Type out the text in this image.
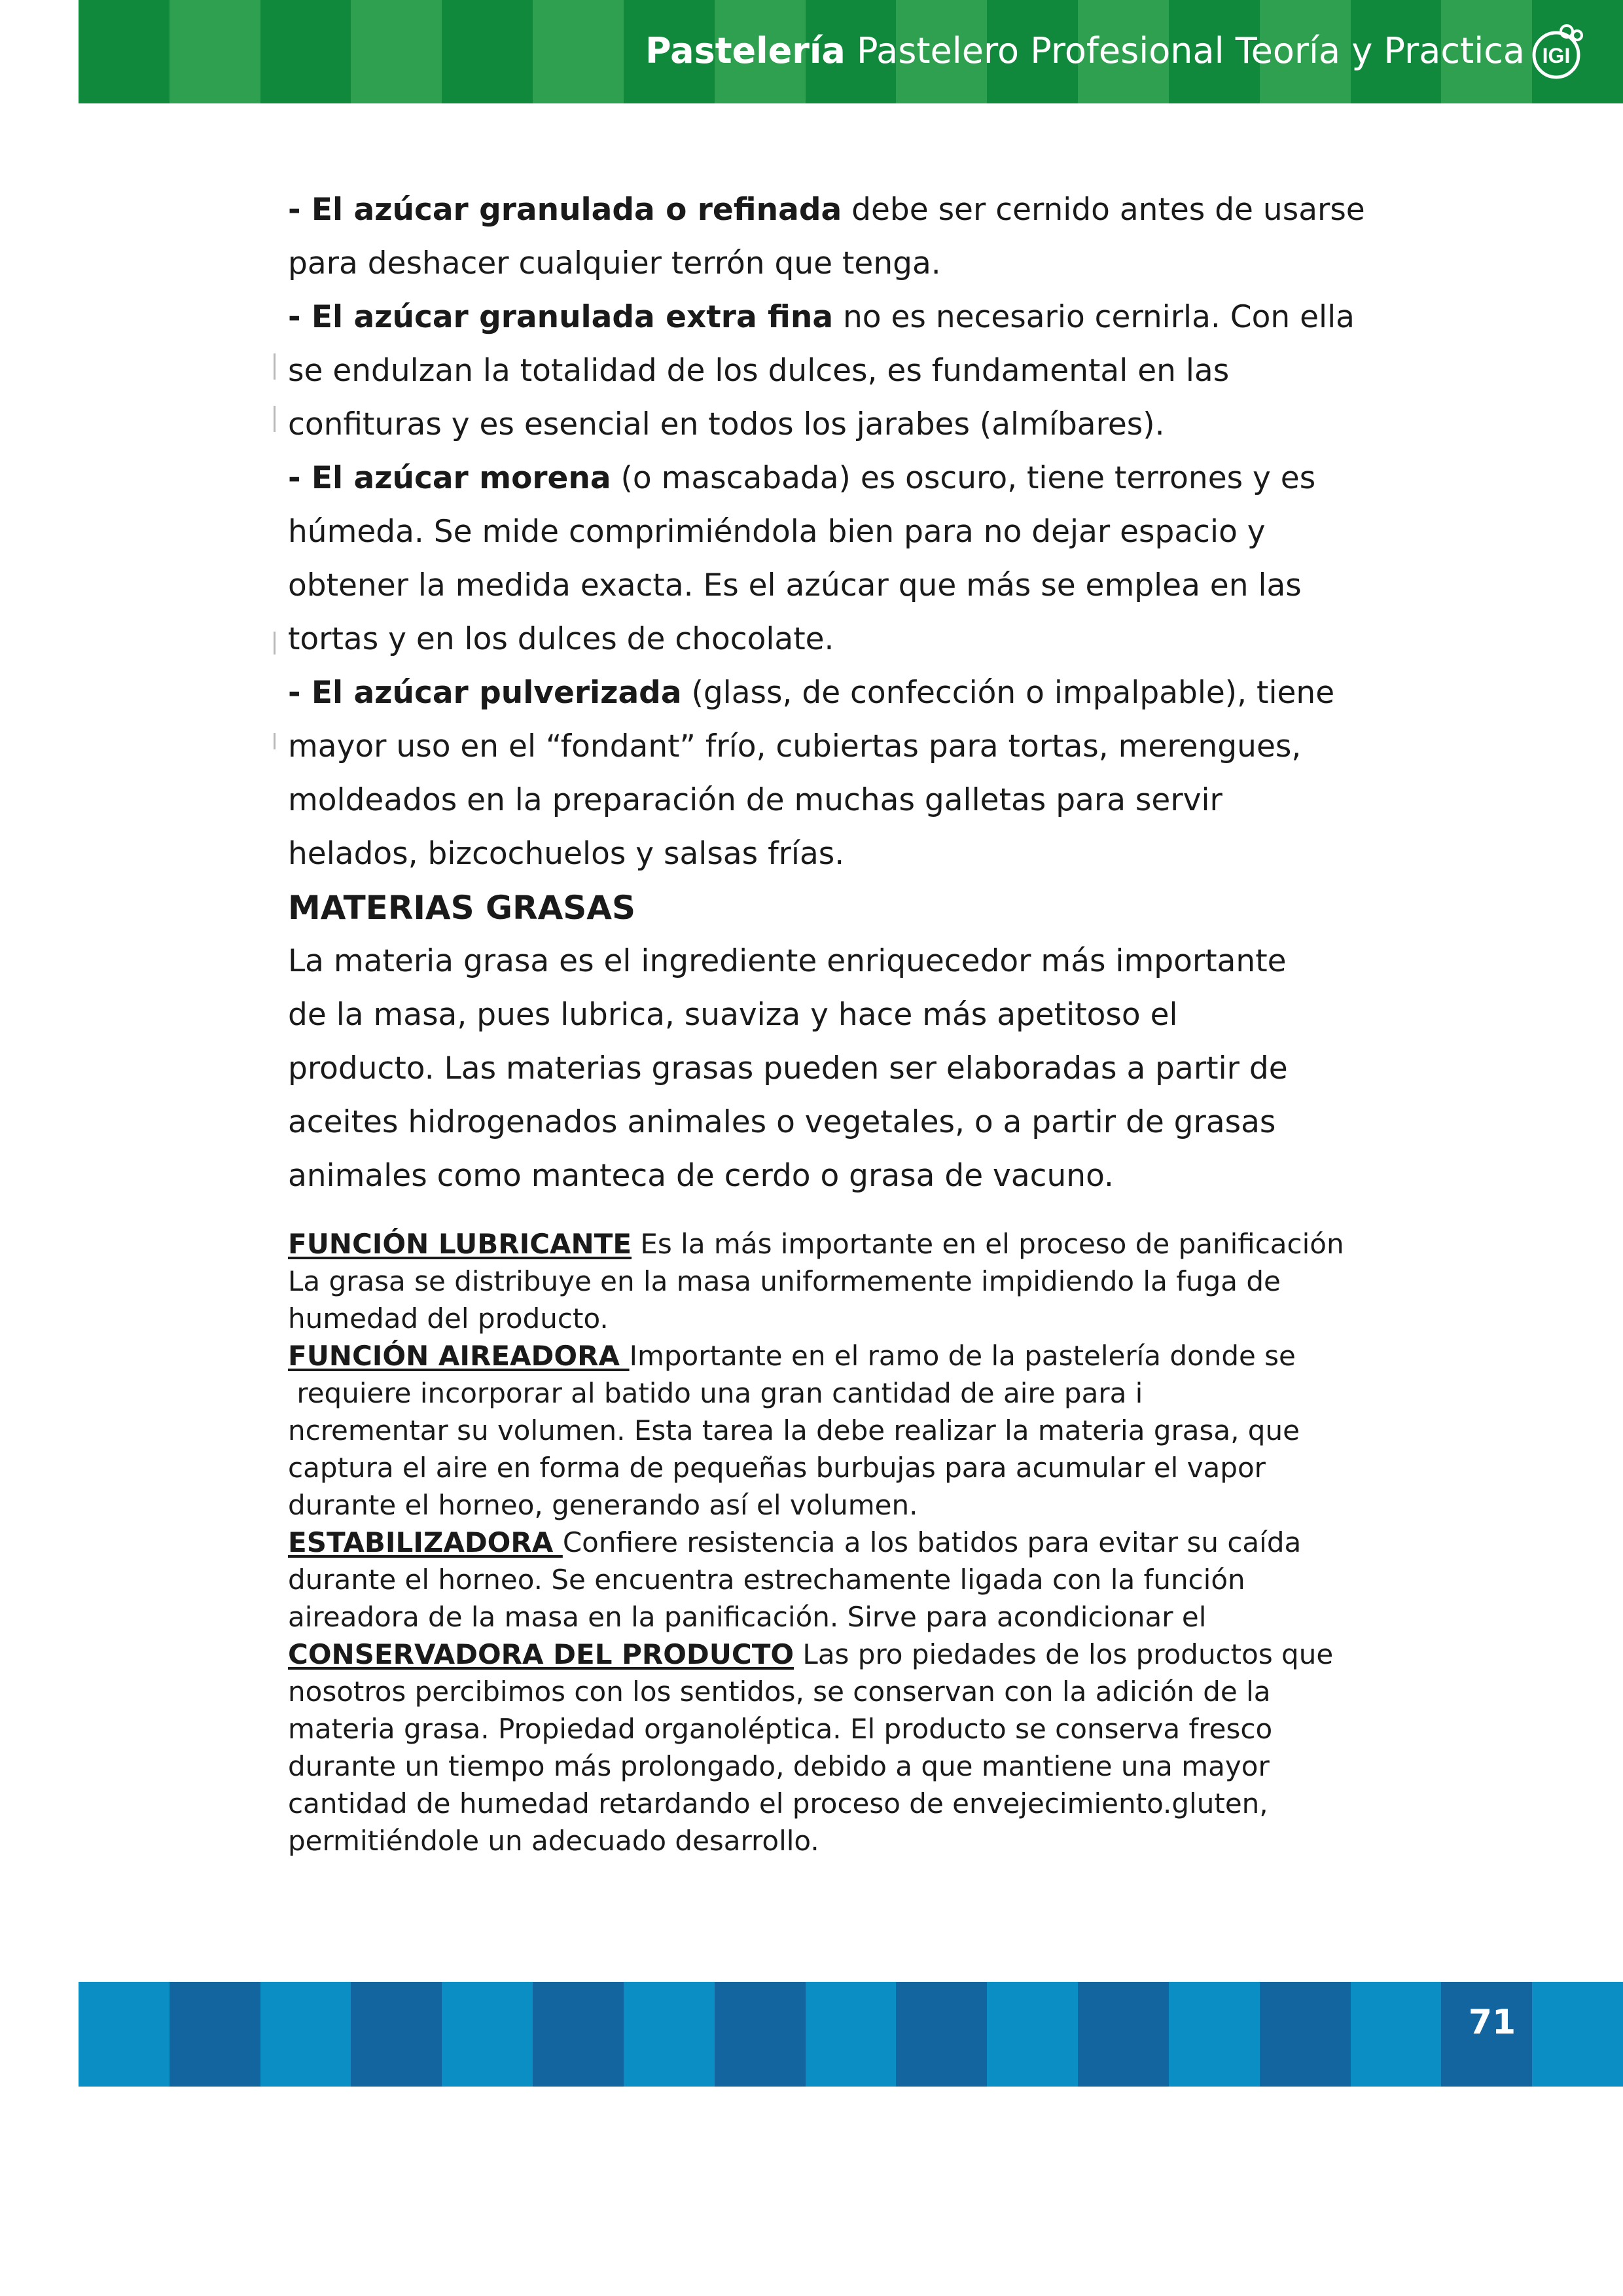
Pastelería Pastelero Profesional Teoría y Practica IGI

- El azúcar granulada o refinada debe ser cernido antes de usarse

para deshacer cualquier terrón que tenga.

- El azúcar granulada extra fina no es necesario cernirla. Con ella

se endulzan la totalidad de los dulces, es fundamental en las

confituras y es esencial en todos los jarabes (almíbares).

- El azúcar morena (o mascabada) es oscuro, tiene terrones y es

húmeda. Se mide comprimiéndola bien para no dejar espacio y

obtener la medida exacta. Es el azúcar que más se emplea en las

tortas y en los dulces de chocolate.

- El azúcar pulverizada (glass, de confección o impalpable), tiene

mayor uso en el “fondant” frío, cubiertas para tortas, merengues,

moldeados en la preparación de muchas galletas para servir

helados, bizcochuelos y salsas frías.

MATERIAS GRASAS

La materia grasa es el ingrediente enriquecedor más importante

de la masa, pues lubrica, suaviza y hace más apetitoso el

producto. Las materias grasas pueden ser elaboradas a partir de

aceites hidrogenados animales o vegetales, o a partir de grasas

animales como manteca de cerdo o grasa de vacuno.

FUNCIÓN LUBRICANTE Es la más importante en el proceso de panificación

La grasa se distribuye en la masa uniformemente impidiendo la fuga de

humedad del producto.

FUNCIÓN AIREADORA Importante en el ramo de la pastelería donde se

requiere incorporar al batido una gran cantidad de aire para i

ncrementar su volumen. Esta tarea la debe realizar la materia grasa, que

captura el aire en forma de pequeñas burbujas para acumular el vapor

durante el horneo, generando así el volumen.

ESTABILIZADORA Confiere resistencia a los batidos para evitar su caída

durante el horneo. Se encuentra estrechamente ligada con la función

aireadora de la masa en la panificación. Sirve para acondicionar el

CONSERVADORA DEL PRODUCTO Las pro piedades de los productos que

nosotros percibimos con los sentidos, se conservan con la adición de la

materia grasa. Propiedad organoléptica. El producto se conserva fresco

durante un tiempo más prolongado, debido a que mantiene una mayor

cantidad de humedad retardando el proceso de envejecimiento.gluten,

permitiéndole un adecuado desarrollo.

71
